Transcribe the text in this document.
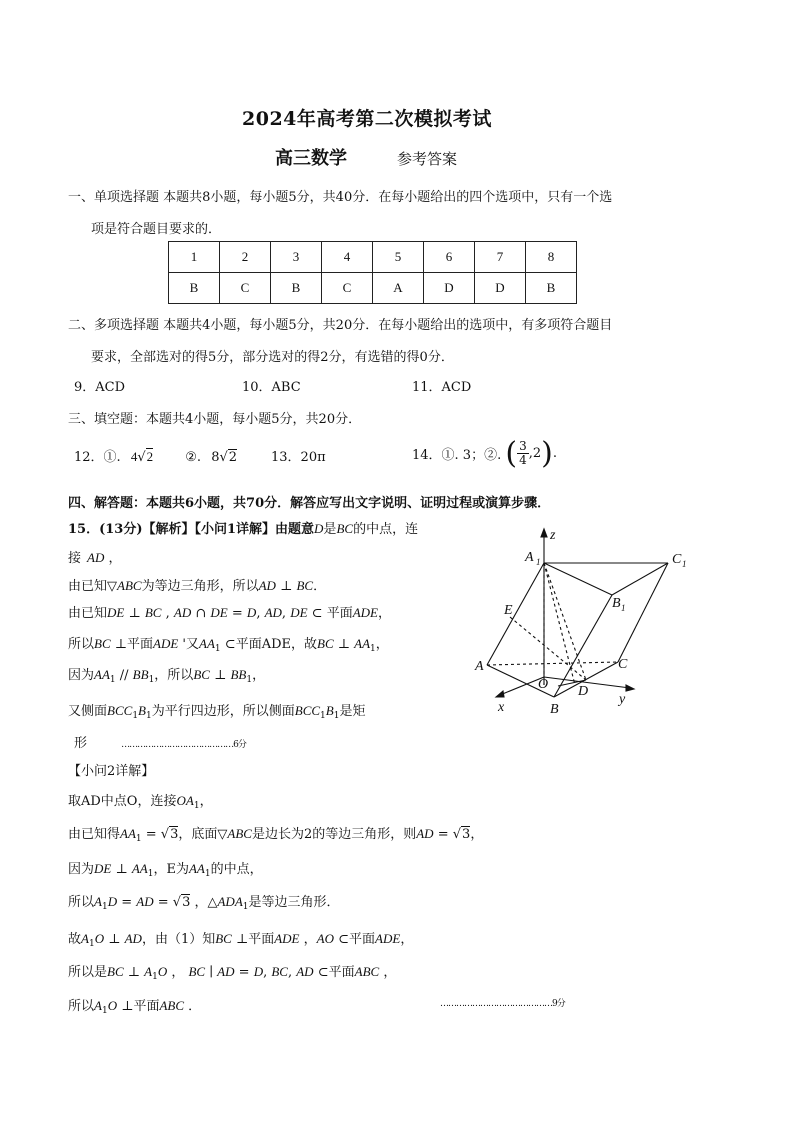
2024年高考第二次模拟考试
高三数学	参考答案
一、单项选择题 本题共8小题，每小题5分，共40分．在每小题给出的四个选项中，只有一个选
项是符合题目要求的．
1	2	3	4	5	6	7	8
B	C	B	C	A	D	D	B
二、多项选择题 本题共4小题，每小题5分，共20分．在每小题给出的选项中，有多项符合题目
要求，全部选对的得5分，部分选对的得2分，有选错的得0分．
9．ACD	10．ABC	11．ACD
三、填空题：本题共4小题，每小题5分，共20分．
12．①. 4√2 ②. 8√2	13．20π	14．①. 3；②. ( $\frac{3}{4} ,2$).
四、解答题：本题共6小题，共70分．解答应写出文字说明、证明过程或演算步骤．
15．(13分)【解析】【小问1详解】由题意D是BC的中点，连
接 AD ，
由已知▽ABC为等边三角形，所以AD ⊥ BC．
由已知DE ⊥ BC , AD ∩ DE = D, AD, DE ⊂ 平面ADE，
所以BC ⊥平面ADE '又$AA_1$ ⊂平面ADE，故BC ⊥ $AA_1$，
因为$AA_1 // BB_1$，所以BC ⊥ $BB_1$，
又侧面$BCC_1B_1$为平行四边形，所以侧面$BCC_1B_1$是矩
形	……………………………………6分
【小问2详解】
取AD中点O，连接$OA_1$，
由已知得$AA_1 = √3$，底面▽ABC是边长为2的等边三角形，则AD = √3，
因为DE ⊥ $AA_1$，E为$AA_1$的中点，
所以$A_1D$ = AD = √3 ，$\triangle ADA_1$是等边三角形．
故$A_1O$ ⊥ AD，由（1）知BC ⊥平面ADE ，AO ⊂平面ADE，
所以是BC ⊥ $A_1O$ ， BC ∣ AD = D, BC, AD ⊂平面ABC ，
所以$A_1O$ ⊥平面ABC ．	……………………………………9分
z
A 1	C 1
E	B 1
A
O D
C
x	B
y
